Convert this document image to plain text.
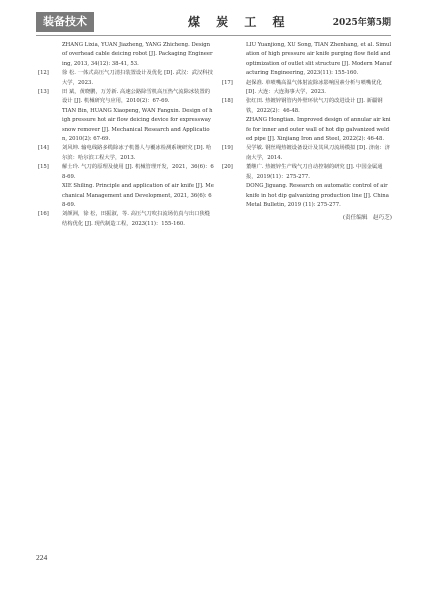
装备技术	煤 炭 工 程	2025年第5期

ZHANG Lixia, YUAN Jiazheng, YANG Zhicheng. Design of overhead cable deicing robot [J]. Packaging Engineering, 2013, 34(12): 38-41, 53.

[12] 徐 松. 一体式高压气刀清扫装置设计及优化 [D]. 武汉：武汉科技大学，2023.

[13] 田 斌，黄晓鹏，万芳新. 高速公路除雪机高压热气流除冰装置的设计 [J]. 机械研究与应用，2010(2)：67-69.

TIAN Bin, HUANG Xiaopeng, WAN Fangxin. Design of high pressure hot air flow deicing device for expressway snow remover [J]. Mechanical Research and Application, 2010(2): 67-69.

[14] 刘风坤. 输电线路多缆除冰子机器人与覆冰检测系统研究 [D]. 哈尔滨：哈尔滨工程大学，2013.

[15] 解士玲. 气刀的原理及使用 [J]. 机械管理开发，2021，36(6)：68-69.

XIE Shiling. Principle and application of air knife [J]. Mechanical Management and Development, 2021, 36(6): 68-69.

[16] 刘颜洲，徐 松，田振淑，等. 高压气刀吹扫流场仿真与出口狭缝结构优化 [J]. 现代制造工程，2023(11)：155-160.

LIU Yuanjiong, XU Song, TIAN Zhenhang, et al. Simulation of high pressure air knife purging flow field and optimization of outlet slit structure [J]. Modern Manufacturing Engineering, 2023(11): 155-160.

[17] 赵保准. 单喷嘴高温气体射流除冰影响因素分析与喷嘴优化 [D]. 大连：大连海事大学，2023.

[18] 张红田. 热镀锌钢管内外壁环状气刀的改进设计 [J]. 新疆钢铁，2022(2)：46-48.

ZHANG Hongtian. Improved design of annular air knife for inner and outer wall of hot dip galvanized welded pipe [J]. Xinjiang Iron and Steel, 2022(2): 46-48.

[19] 吴学敏. 钢丝绳热镀设备设计及其风刀流场模拟 [D]. 济南：济南大学，2014.

[20] 董继广. 热镀锌生产线气刀自动控制的研究 [J]. 中国金属通报，2019(11)：275-277.

DONG Jiguang. Research on automatic control of air knife in hot dip galvanizing production line [J]. China Metal Bulletin, 2019 (11): 275-277.

(责任编辑　赵巧芝)
224
